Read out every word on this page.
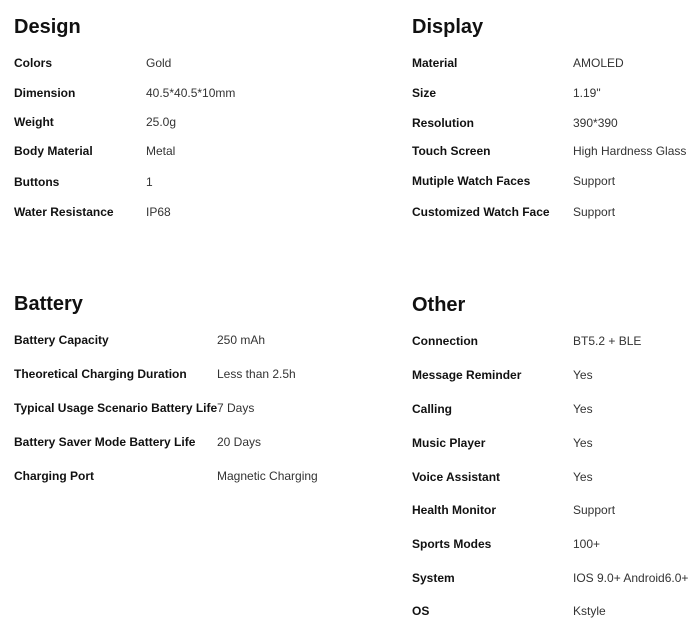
Design
Colors	Gold
Dimension	40.5*40.5*10mm
Weight	25.0g
Body Material	Metal
Buttons	1
Water Resistance	IP68
Display
Material	AMOLED
Size	1.19"
Resolution	390*390
Touch Screen	High Hardness Glass
Mutiple Watch Faces	Support
Customized Watch Face Support
Battery
Battery Capacity	250 mAh
Theoretical Charging Duration	Less than 2.5h
Typical Usage Scenario Battery Life 7 Days
Battery Saver Mode Battery Life 20 Days
Charging Port	Magnetic Charging
Other
Connection	BT5.2 + BLE
Message Reminder	Yes
Calling	Yes
Music Player	Yes
Voice Assistant	Yes
Health Monitor	Support
Sports Modes	100+
System	IOS 9.0+ Android6.0+
OS	Kstyle
